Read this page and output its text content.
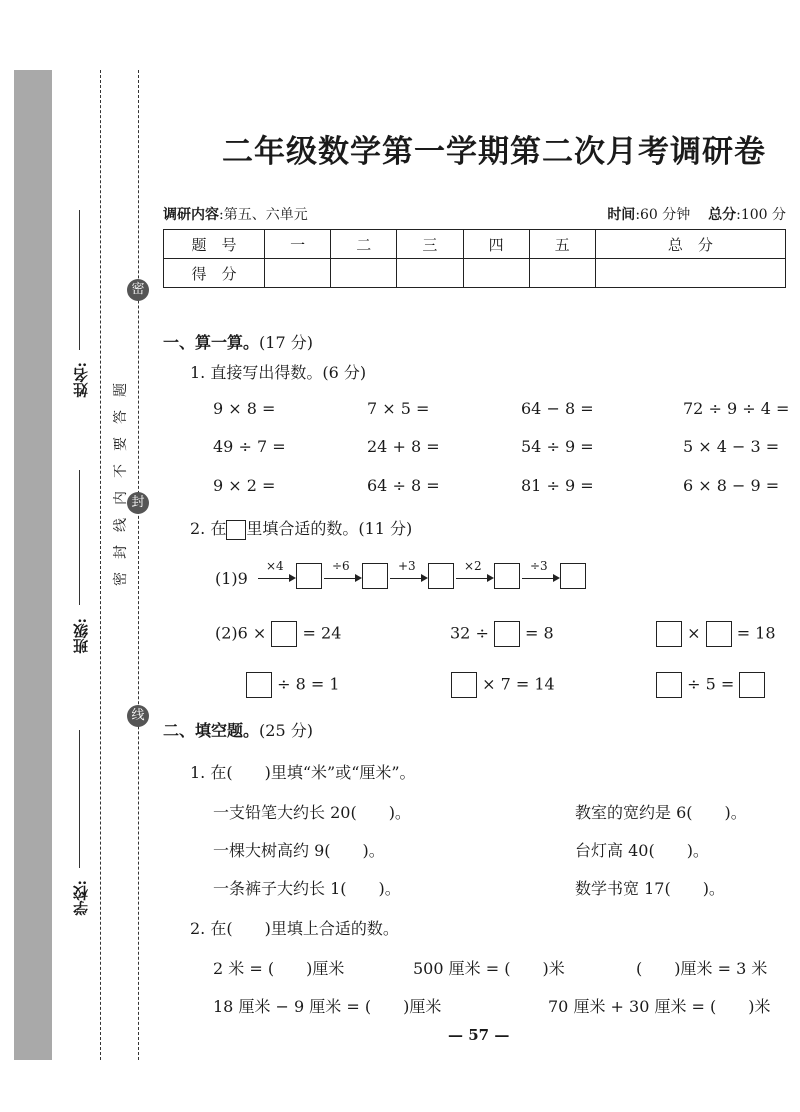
姓名:
班级:
学校:
密
封
线
题
答
要
不
内
线
封
密
二年级数学第一学期第二次月考调研卷
调研内容:第五、六单元	时间:60 分钟 总分:100 分
题　号	一	二	三	四	五	总　分
得　分						
一、算一算。(17 分)
1. 直接写出得数。(6 分)
9 × 8 =	7 × 5 =	64 − 8 =	72 ÷ 9 ÷ 4 =
49 ÷ 7 =	24 + 8 =	54 ÷ 9 =	5 × 4 − 3 =
9 × 2 =	64 ÷ 8 =	81 ÷ 9 =	6 × 8 − 9 =
2. 在 里填合适的数。(11 分)
(1)9
×4	÷6	+3	×2	÷3
(2)6 × = 24	32 ÷ = 8	× = 18
÷ 8 = 1	× 7 = 14	÷ 5 =
二、填空题。(25 分)
1. 在(　　)里填“米”或“厘米”。
一支铅笔大约长 20(　　)。	教室的宽约是 6(　　)。
一棵大树高约 9(　　)。	台灯高 40(　　)。
一条裤子大约长 1(　　)。	数学书宽 17(　　)。
2. 在(　　)里填上合适的数。
2 米 = (　　)厘米	500 厘米 = (　　)米	(　　)厘米 = 3 米
18 厘米 − 9 厘米 = (　　)厘米	70 厘米 + 30 厘米 = (　　)米
— 57 —
